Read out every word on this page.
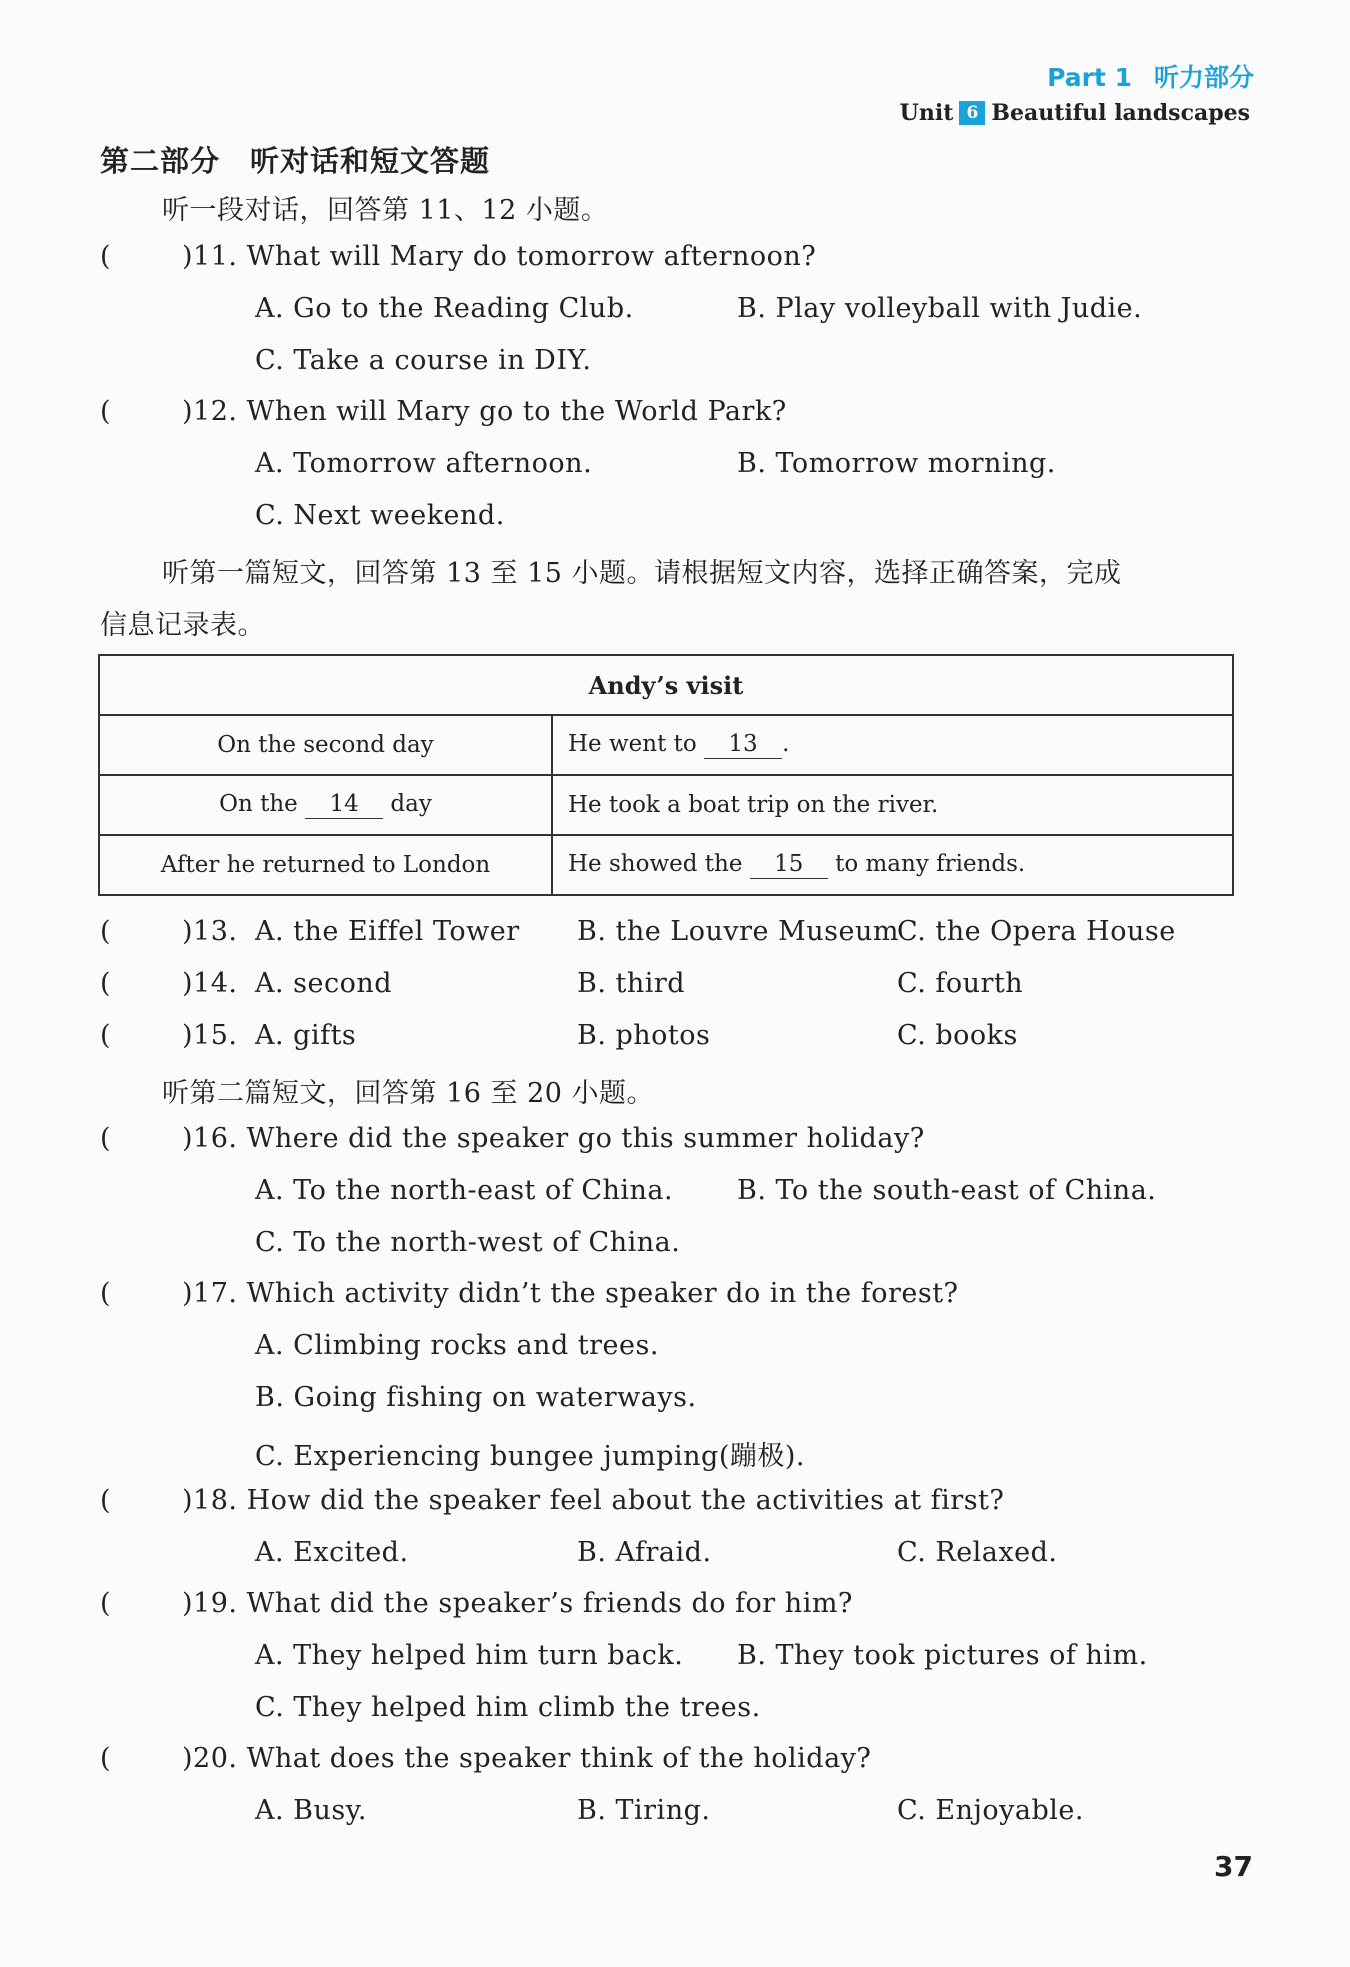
Part 1 听力部分
Unit 6 Beautiful landscapes
第二部分　听对话和短文答题
听一段对话，回答第 11、12 小题。
(	)11. What will Mary do tomorrow afternoon?
A. Go to the Reading Club.	B. Play volleyball with Judie.
C. Take a course in DIY.
(	)12. When will Mary go to the World Park?
A. Tomorrow afternoon.	B. Tomorrow morning.
C. Next weekend.
听第一篇短文，回答第 13 至 15 小题。请根据短文内容，选择正确答案，完成
信息记录表。
Andy’s visit	
On the second day	He went to 13 .
On the 14 day	He took a boat trip on the river.
After he returned to London	He showed the 15 to many friends.
(	)13. A. the Eiffel Tower B. the Louvre Museum
C. the Opera House
(	)14. A. second	B. third	C. fourth
(	)15. A. gifts	B. photos	C. books
听第二篇短文，回答第 16 至 20 小题。
(	)16. Where did the speaker go this summer holiday?
A. To the north-east of China. B. To the south-east of China.
C. To the north-west of China.
(	)17. Which activity didn’t the speaker do in the forest?
A. Climbing rocks and trees.
B. Going fishing on waterways.
C. Experiencing bungee jumping(蹦极).
(	)18. How did the speaker feel about the activities at first?
A. Excited.	B. Afraid.	C. Relaxed.
(	)19. What did the speaker’s friends do for him?
A. They helped him turn back. B. They took pictures of him.
C. They helped him climb the trees.
(	)20. What does the speaker think of the holiday?
A. Busy.	B. Tiring.	C. Enjoyable.
37
